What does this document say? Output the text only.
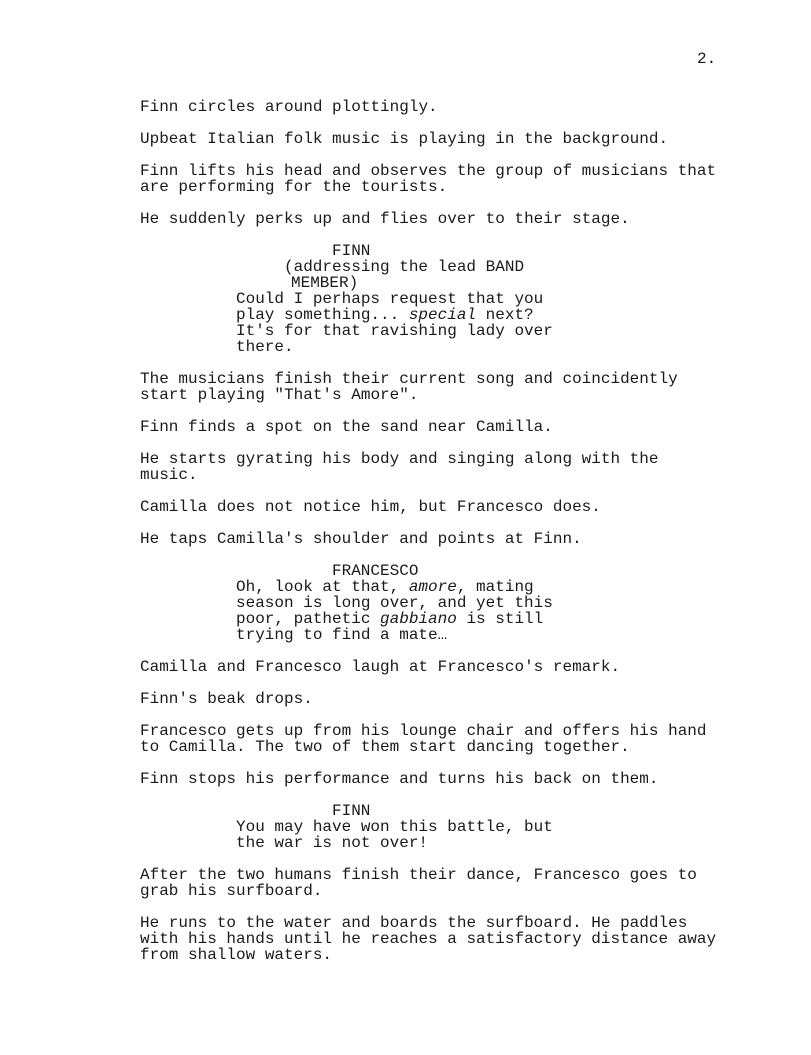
2.
Finn circles around plottingly.
Upbeat Italian folk music is playing in the background.
Finn lifts his head and observes the group of musicians that
are performing for the tourists.
He suddenly perks up and flies over to their stage.
FINN
(addressing the lead BAND
MEMBER)
Could I perhaps request that you
play something... special next?
It's for that ravishing lady over
there.
The musicians finish their current song and coincidently
start playing "That's Amore".
Finn finds a spot on the sand near Camilla.
He starts gyrating his body and singing along with the
music.
Camilla does not notice him, but Francesco does.
He taps Camilla's shoulder and points at Finn.
FRANCESCO
Oh, look at that, amore, mating
season is long over, and yet this
poor, pathetic gabbiano is still
trying to find a mate…
Camilla and Francesco laugh at Francesco's remark.
Finn's beak drops.
Francesco gets up from his lounge chair and offers his hand
to Camilla. The two of them start dancing together.
Finn stops his performance and turns his back on them.
FINN
You may have won this battle, but
the war is not over!
After the two humans finish their dance, Francesco goes to
grab his surfboard.
He runs to the water and boards the surfboard. He paddles
with his hands until he reaches a satisfactory distance away
from shallow waters.
